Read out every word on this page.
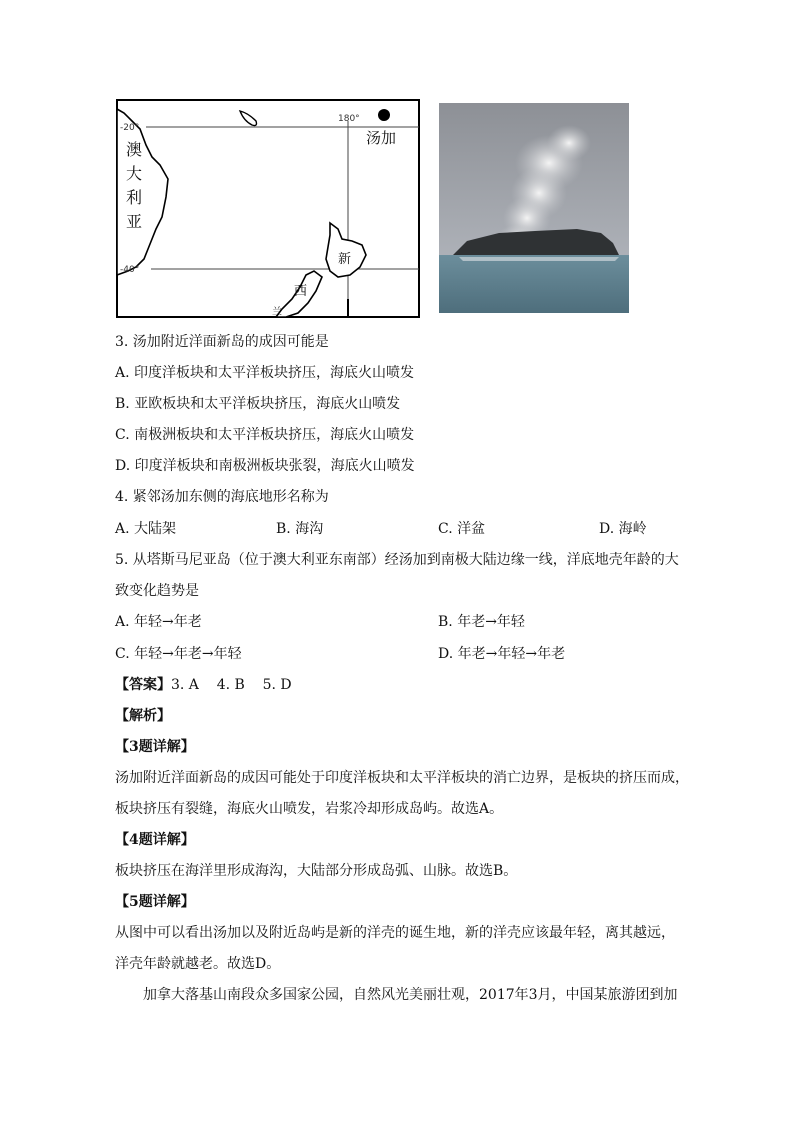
-20°
-40°
180°
汤加
澳
大
利
亚
新
西
兰
3. 汤加附近洋面新岛的成因可能是
A. 印度洋板块和太平洋板块挤压，海底火山喷发
B. 亚欧板块和太平洋板块挤压，海底火山喷发
C. 南极洲板块和太平洋板块挤压，海底火山喷发
D. 印度洋板块和南极洲板块张裂，海底火山喷发
4. 紧邻汤加东侧的海底地形名称为
A. 大陆架	B. 海沟	C. 洋盆	D. 海岭
5. 从塔斯马尼亚岛（位于澳大利亚东南部）经汤加到南极大陆边缘一线，洋底地壳年龄的大
致变化趋势是
A. 年轻→年老	B. 年老→年轻
C. 年轻→年老→年轻	D. 年老→年轻→年老
【答案】3. A    4. B    5. D
【解析】
【3题详解】
汤加附近洋面新岛的成因可能处于印度洋板块和太平洋板块的消亡边界，是板块的挤压而成，
板块挤压有裂缝，海底火山喷发，岩浆冷却形成岛屿。故选A。
【4题详解】
板块挤压在海洋里形成海沟，大陆部分形成岛弧、山脉。故选B。
【5题详解】
从图中可以看出汤加以及附近岛屿是新的洋壳的诞生地，新的洋壳应该最年轻，离其越远，
洋壳年龄就越老。故选D。
加拿大落基山南段众多国家公园，自然风光美丽壮观，2017年3月，中国某旅游团到加
